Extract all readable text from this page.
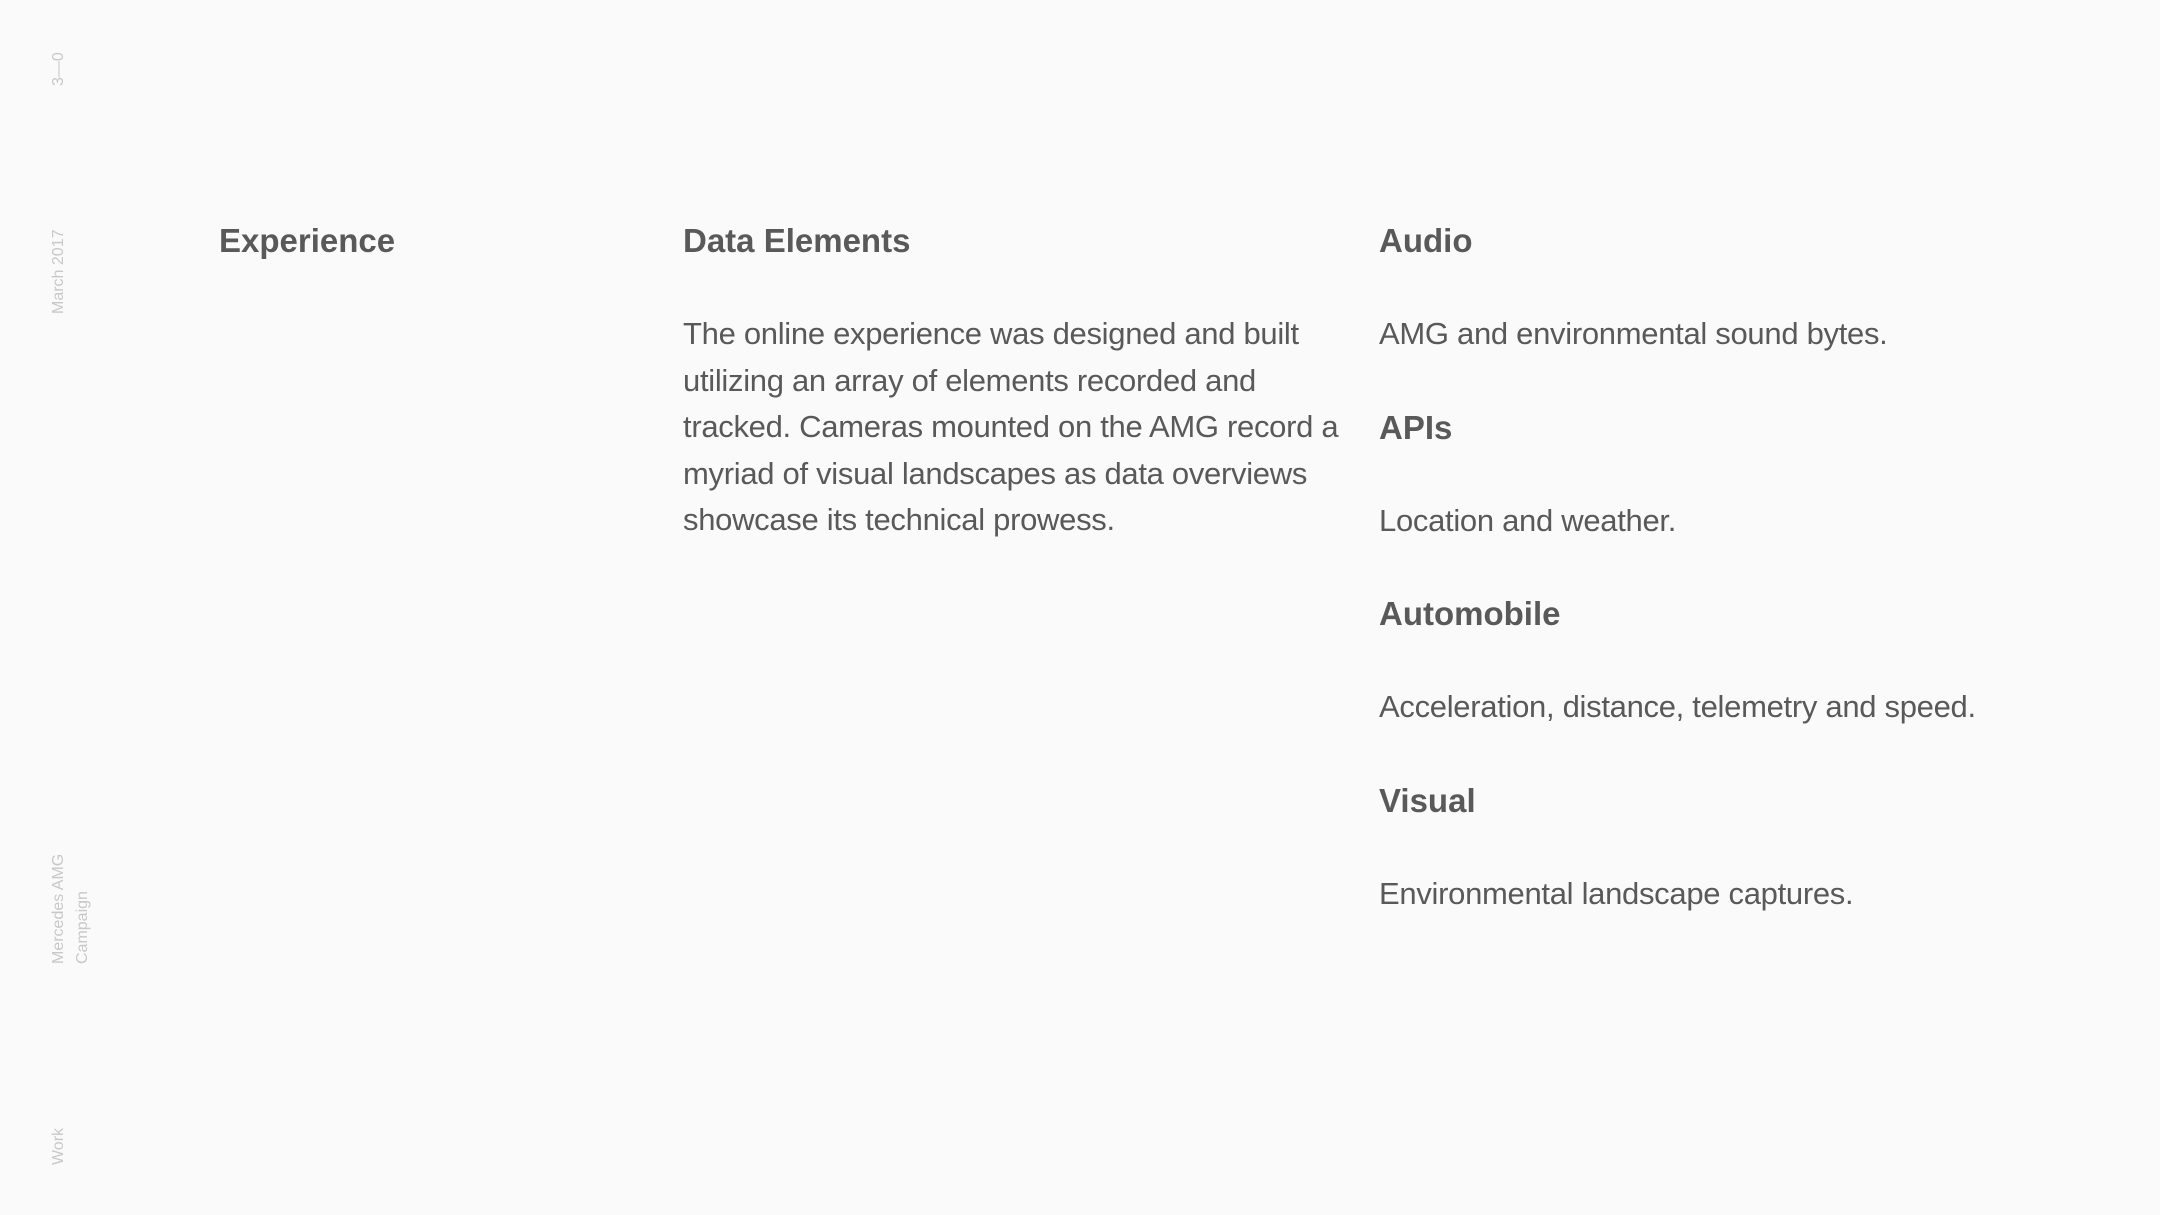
3—0
March 2017
Mercedes AMG Campaign
Work
Experience	Data Elements

The online experience was designed and built utilizing an array of elements recorded and tracked. Cameras mounted on the AMG record a myriad of visual landscapes as data overviews showcase its technical prowess.

Audio

AMG and environmental sound bytes.

APIs

Location and weather.

Automobile

Acceleration, distance, telemetry and speed.

Visual

Environmental landscape captures.
